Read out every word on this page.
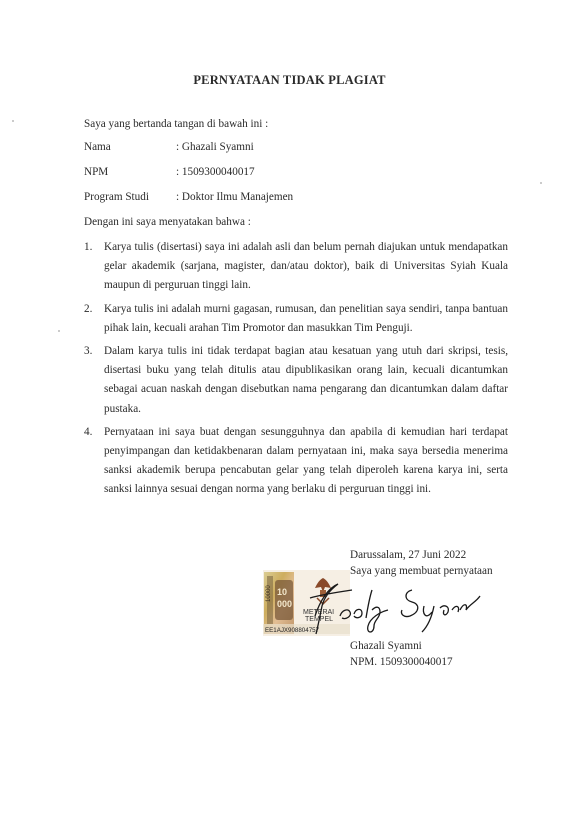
PERNYATAAN TIDAK PLAGIAT
Saya yang bertanda tangan di bawah ini :
Nama	: Ghazali Syamni
NPM	: 1509300040017
Program Studi : Doktor Ilmu Manajemen
Dengan ini saya menyatakan bahwa :
1. Karya tulis (disertasi) saya ini adalah asli dan belum pernah diajukan untuk mendapatkan gelar akademik (sarjana, magister, dan/atau doktor), baik di Universitas Syiah Kuala maupun di perguruan tinggi lain.
2. Karya tulis ini adalah murni gagasan, rumusan, dan penelitian saya sendiri, tanpa bantuan pihak lain, kecuali arahan Tim Promotor dan masukkan Tim Penguji.
3. Dalam karya tulis ini tidak terdapat bagian atau kesatuan yang utuh dari skripsi, tesis, disertasi buku yang telah ditulis atau dipublikasikan orang lain, kecuali dicantumkan sebagai acuan naskah dengan disebutkan nama pengarang dan dicantumkan dalam daftar pustaka.
4. Pernyataan ini saya buat dengan sesungguhnya dan apabila di kemudian hari terdapat penyimpangan dan ketidakbenaran dalam pernyataan ini, maka saya bersedia menerima sanksi akademik berupa pencabutan gelar yang telah diperoleh karena karya ini, serta sanksi lainnya sesuai dengan norma yang berlaku di perguruan tinggi ini.
Darussalam, 27 Juni 2022
Saya yang membuat pernyataan
10000 10
000
METERAI
TEMPEL
EE1AJX908804757
Ghazali Syamni
NPM. 1509300040017
